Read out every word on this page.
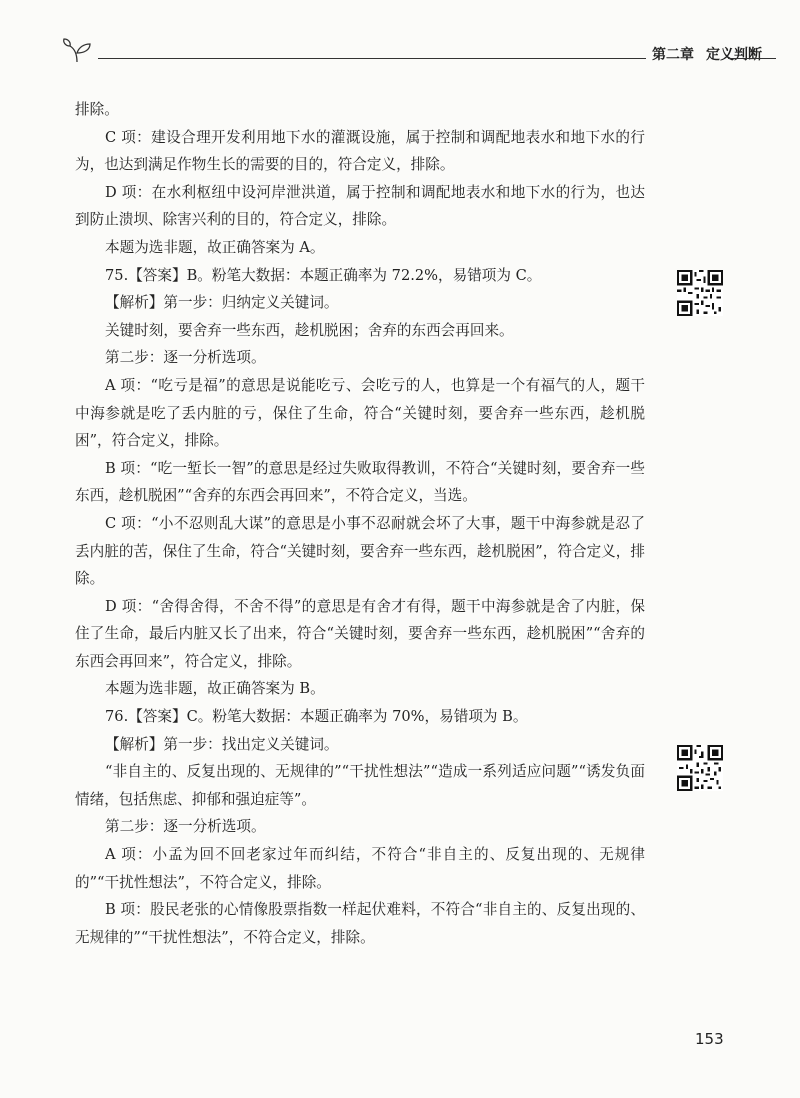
第二章 定义判断

排除。

C 项：建设合理开发利用地下水的灌溉设施，属于控制和调配地表水和地下水的行为，也达到满足作物生长的需要的目的，符合定义，排除。

D 项：在水利枢纽中设河岸泄洪道，属于控制和调配地表水和地下水的行为，也达到防止溃坝、除害兴利的目的，符合定义，排除。

本题为选非题，故正确答案为 A。

75.【答案】B。粉笔大数据：本题正确率为 72.2%，易错项为 C。

【解析】第一步：归纳定义关键词。

关键时刻，要舍弃一些东西，趁机脱困；舍弃的东西会再回来。

第二步：逐一分析选项。

A 项：“吃亏是福”的意思是说能吃亏、会吃亏的人，也算是一个有福气的人，题干中海参就是吃了丢内脏的亏，保住了生命，符合“关键时刻，要舍弃一些东西，趁机脱困”，符合定义，排除。

B 项：“吃一堑长一智”的意思是经过失败取得教训，不符合“关键时刻，要舍弃一些东西，趁机脱困”“舍弃的东西会再回来”，不符合定义，当选。

C 项：“小不忍则乱大谋”的意思是小事不忍耐就会坏了大事，题干中海参就是忍了丢内脏的苦，保住了生命，符合“关键时刻，要舍弃一些东西，趁机脱困”，符合定义，排除。

D 项：“舍得舍得，不舍不得”的意思是有舍才有得，题干中海参就是舍了内脏，保住了生命，最后内脏又长了出来，符合“关键时刻，要舍弃一些东西，趁机脱困”“舍弃的东西会再回来”，符合定义，排除。

本题为选非题，故正确答案为 B。

76.【答案】C。粉笔大数据：本题正确率为 70%，易错项为 B。

【解析】第一步：找出定义关键词。

“非自主的、反复出现的、无规律的”“干扰性想法”“造成一系列适应问题”“诱发负面情绪，包括焦虑、抑郁和强迫症等”。

第二步：逐一分析选项。

A 项：小孟为回不回老家过年而纠结，不符合“非自主的、反复出现的、无规律的”“干扰性想法”，不符合定义，排除。

B 项：股民老张的心情像股票指数一样起伏难料，不符合“非自主的、反复出现的、无规律的”“干扰性想法”，不符合定义，排除。

153
